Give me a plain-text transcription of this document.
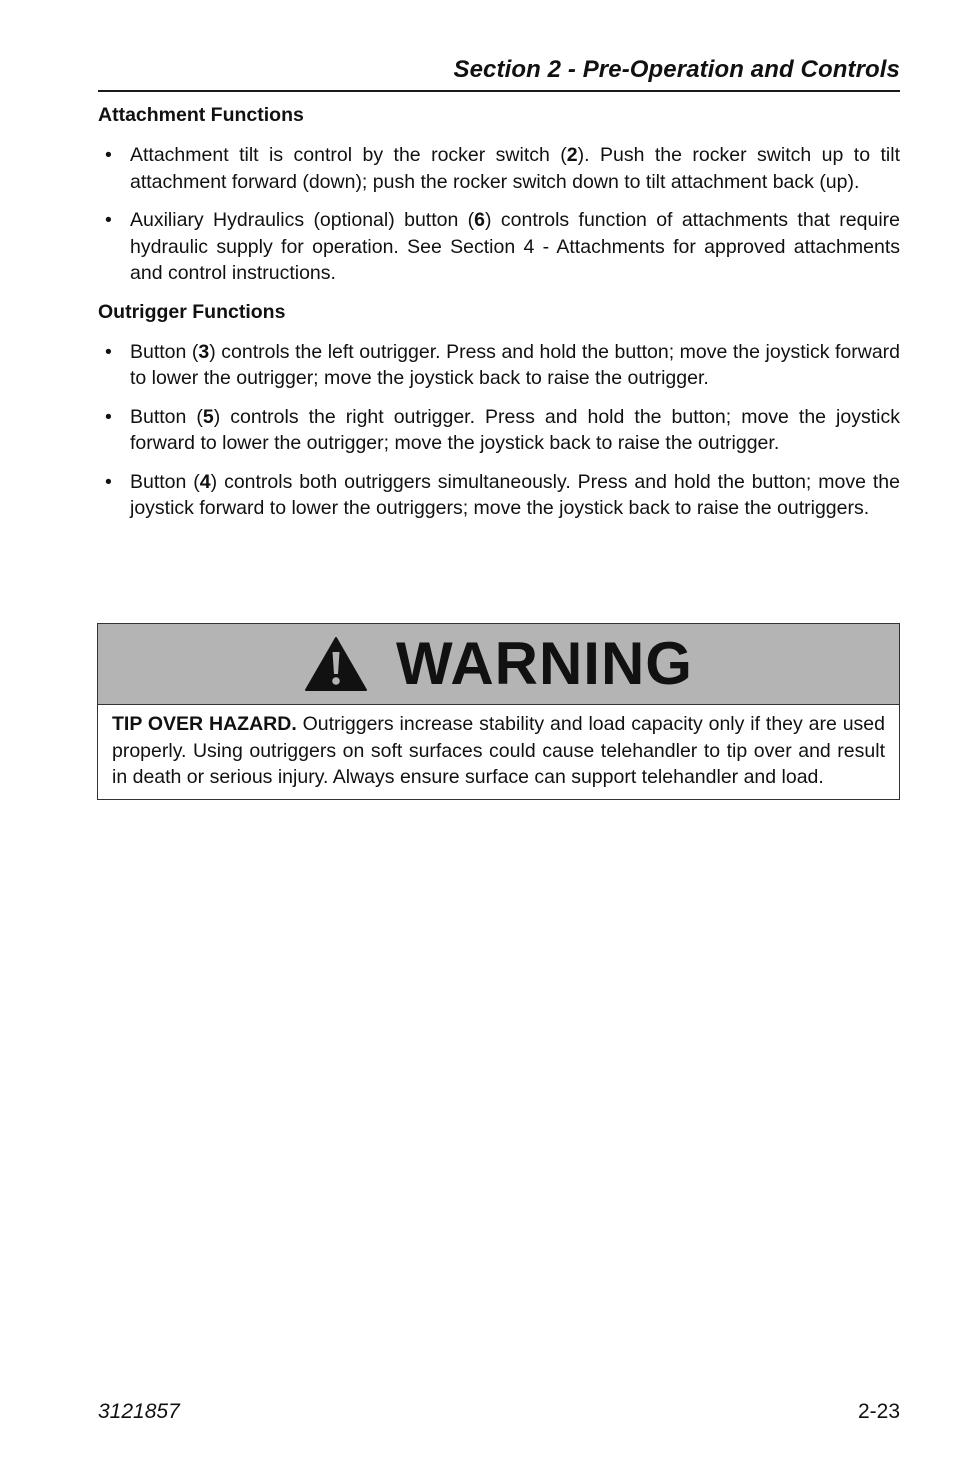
Section 2 - Pre-Operation and Controls
Attachment Functions
• Attachment tilt is control by the rocker switch (2). Push the rocker switch up to tilt attachment forward (down); push the rocker switch down to tilt attachment back (up).
• Auxiliary Hydraulics (optional) button (6) controls function of attachments that require hydraulic supply for operation. See Section 4 - Attachments for approved attachments and control instructions.
Outrigger Functions
• Button (3) controls the left outrigger. Press and hold the button; move the joystick forward to lower the outrigger; move the joystick back to raise the outrigger.
• Button (5) controls the right outrigger. Press and hold the button; move the joystick forward to lower the outrigger; move the joystick back to raise the outrigger.
• Button (4) controls both outriggers simultaneously. Press and hold the button; move the joystick forward to lower the outriggers; move the joystick back to raise the outriggers.
WARNING
TIP OVER HAZARD. Outriggers increase stability and load capacity only if they are used properly. Using outriggers on soft surfaces could cause telehandler to tip over and result in death or serious injury. Always ensure surface can support telehandler and load.
3121857	2-23
